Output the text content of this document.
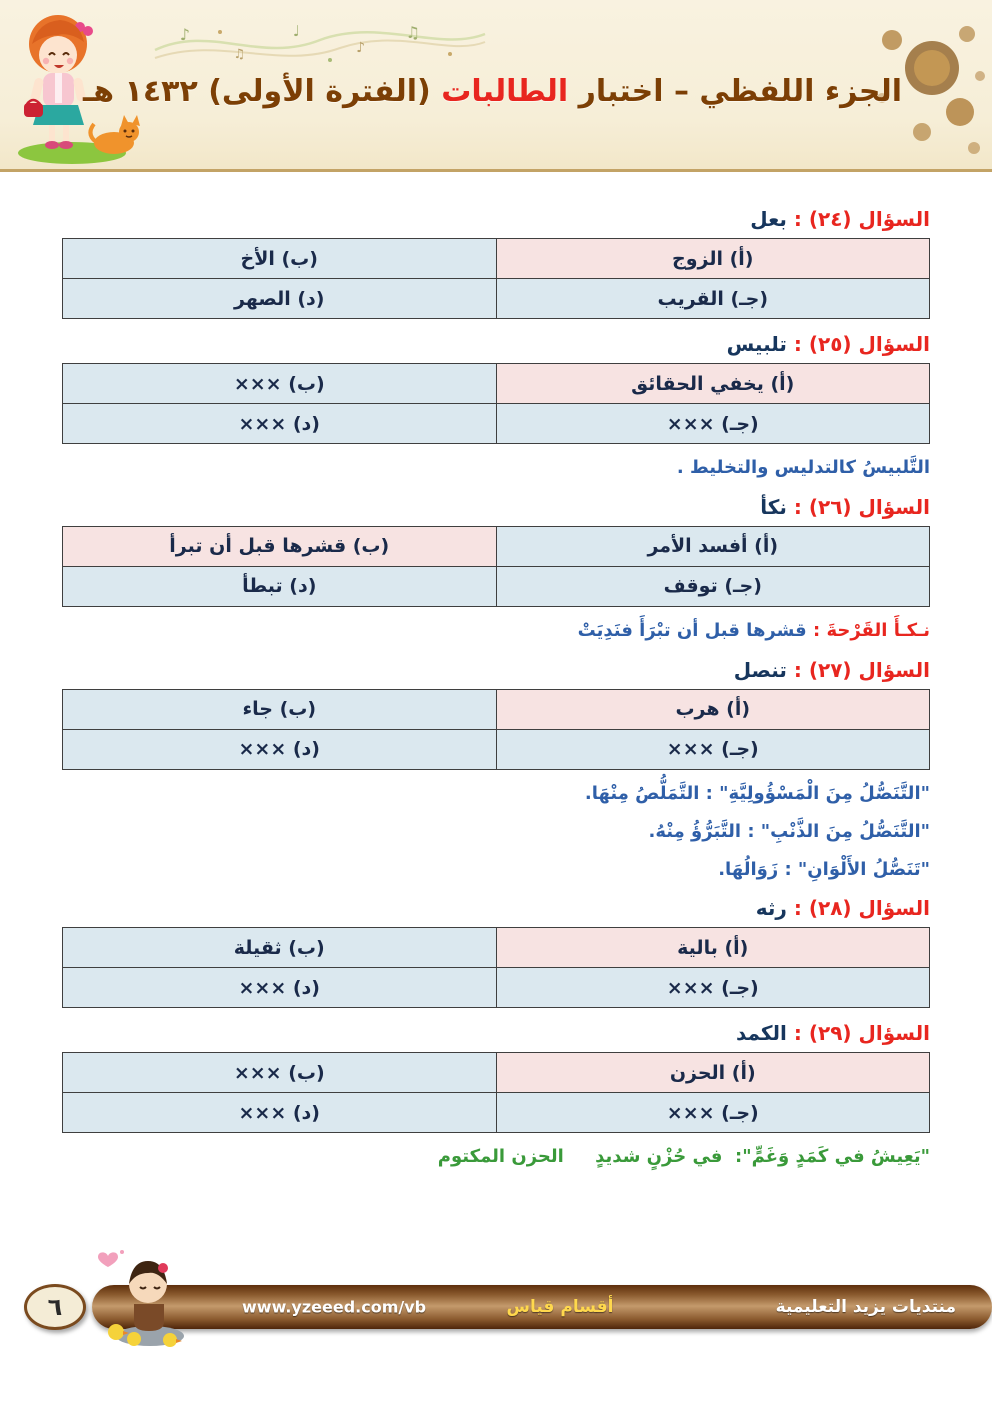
♪
♫
♩
♪
♫
الجزء اللفظي – اختبار الطالبات (الفترة الأولى) ١٤٣٢ هـ
السؤال (٢٤) : بعل
(أ) الزوج	(ب) الأخ
(جـ) القريب	(د) الصهر
السؤال (٢٥) : تلبيس
(أ) يخفي الحقائق	(ب) ×××
(جـ) ×××	(د) ×××
التَّلبيسُ كالتدليس والتخليط .
السؤال (٢٦) : نكأ
(أ) أفسد الأمر	(ب) قشرها قبل أن تبرأ
(جـ) توقف	(د) تبطأ
نـكـأَ القَرْحةَ : قشرها قبل أن تبْرَأَ فنَدِيَتْ
السؤال (٢٧) : تنصل
(أ) هرب	(ب) جاء
(جـ) ×××	(د) ×××
"التَّنَصُّلُ مِنَ الْمَسْؤُولِيَّةِ" : التَّمَلُّصُ مِنْهَا.
"التَّنَصُّلُ مِنَ الذَّنْبِ" : التَّبَرُّؤُ مِنْهُ.
"تَنَصُّلُ الأَلْوَانِ" : زَوَالُهَا.
السؤال (٢٨) : رثه
(أ) بالية	(ب) ثقيلة
(جـ) ×××	(د) ×××
السؤال (٢٩) : الكمد
(أ) الحزن	(ب) ×××
(جـ) ×××	(د) ×××
"يَعِيشُ في كَمَدٍ وَغَمٍّ":  في حُزْنٍ شديدٍ     الحزن المكتوم
منتديات يزيد التعليمية
أقسام قياس
www.yzeeed.com/vb
٦
